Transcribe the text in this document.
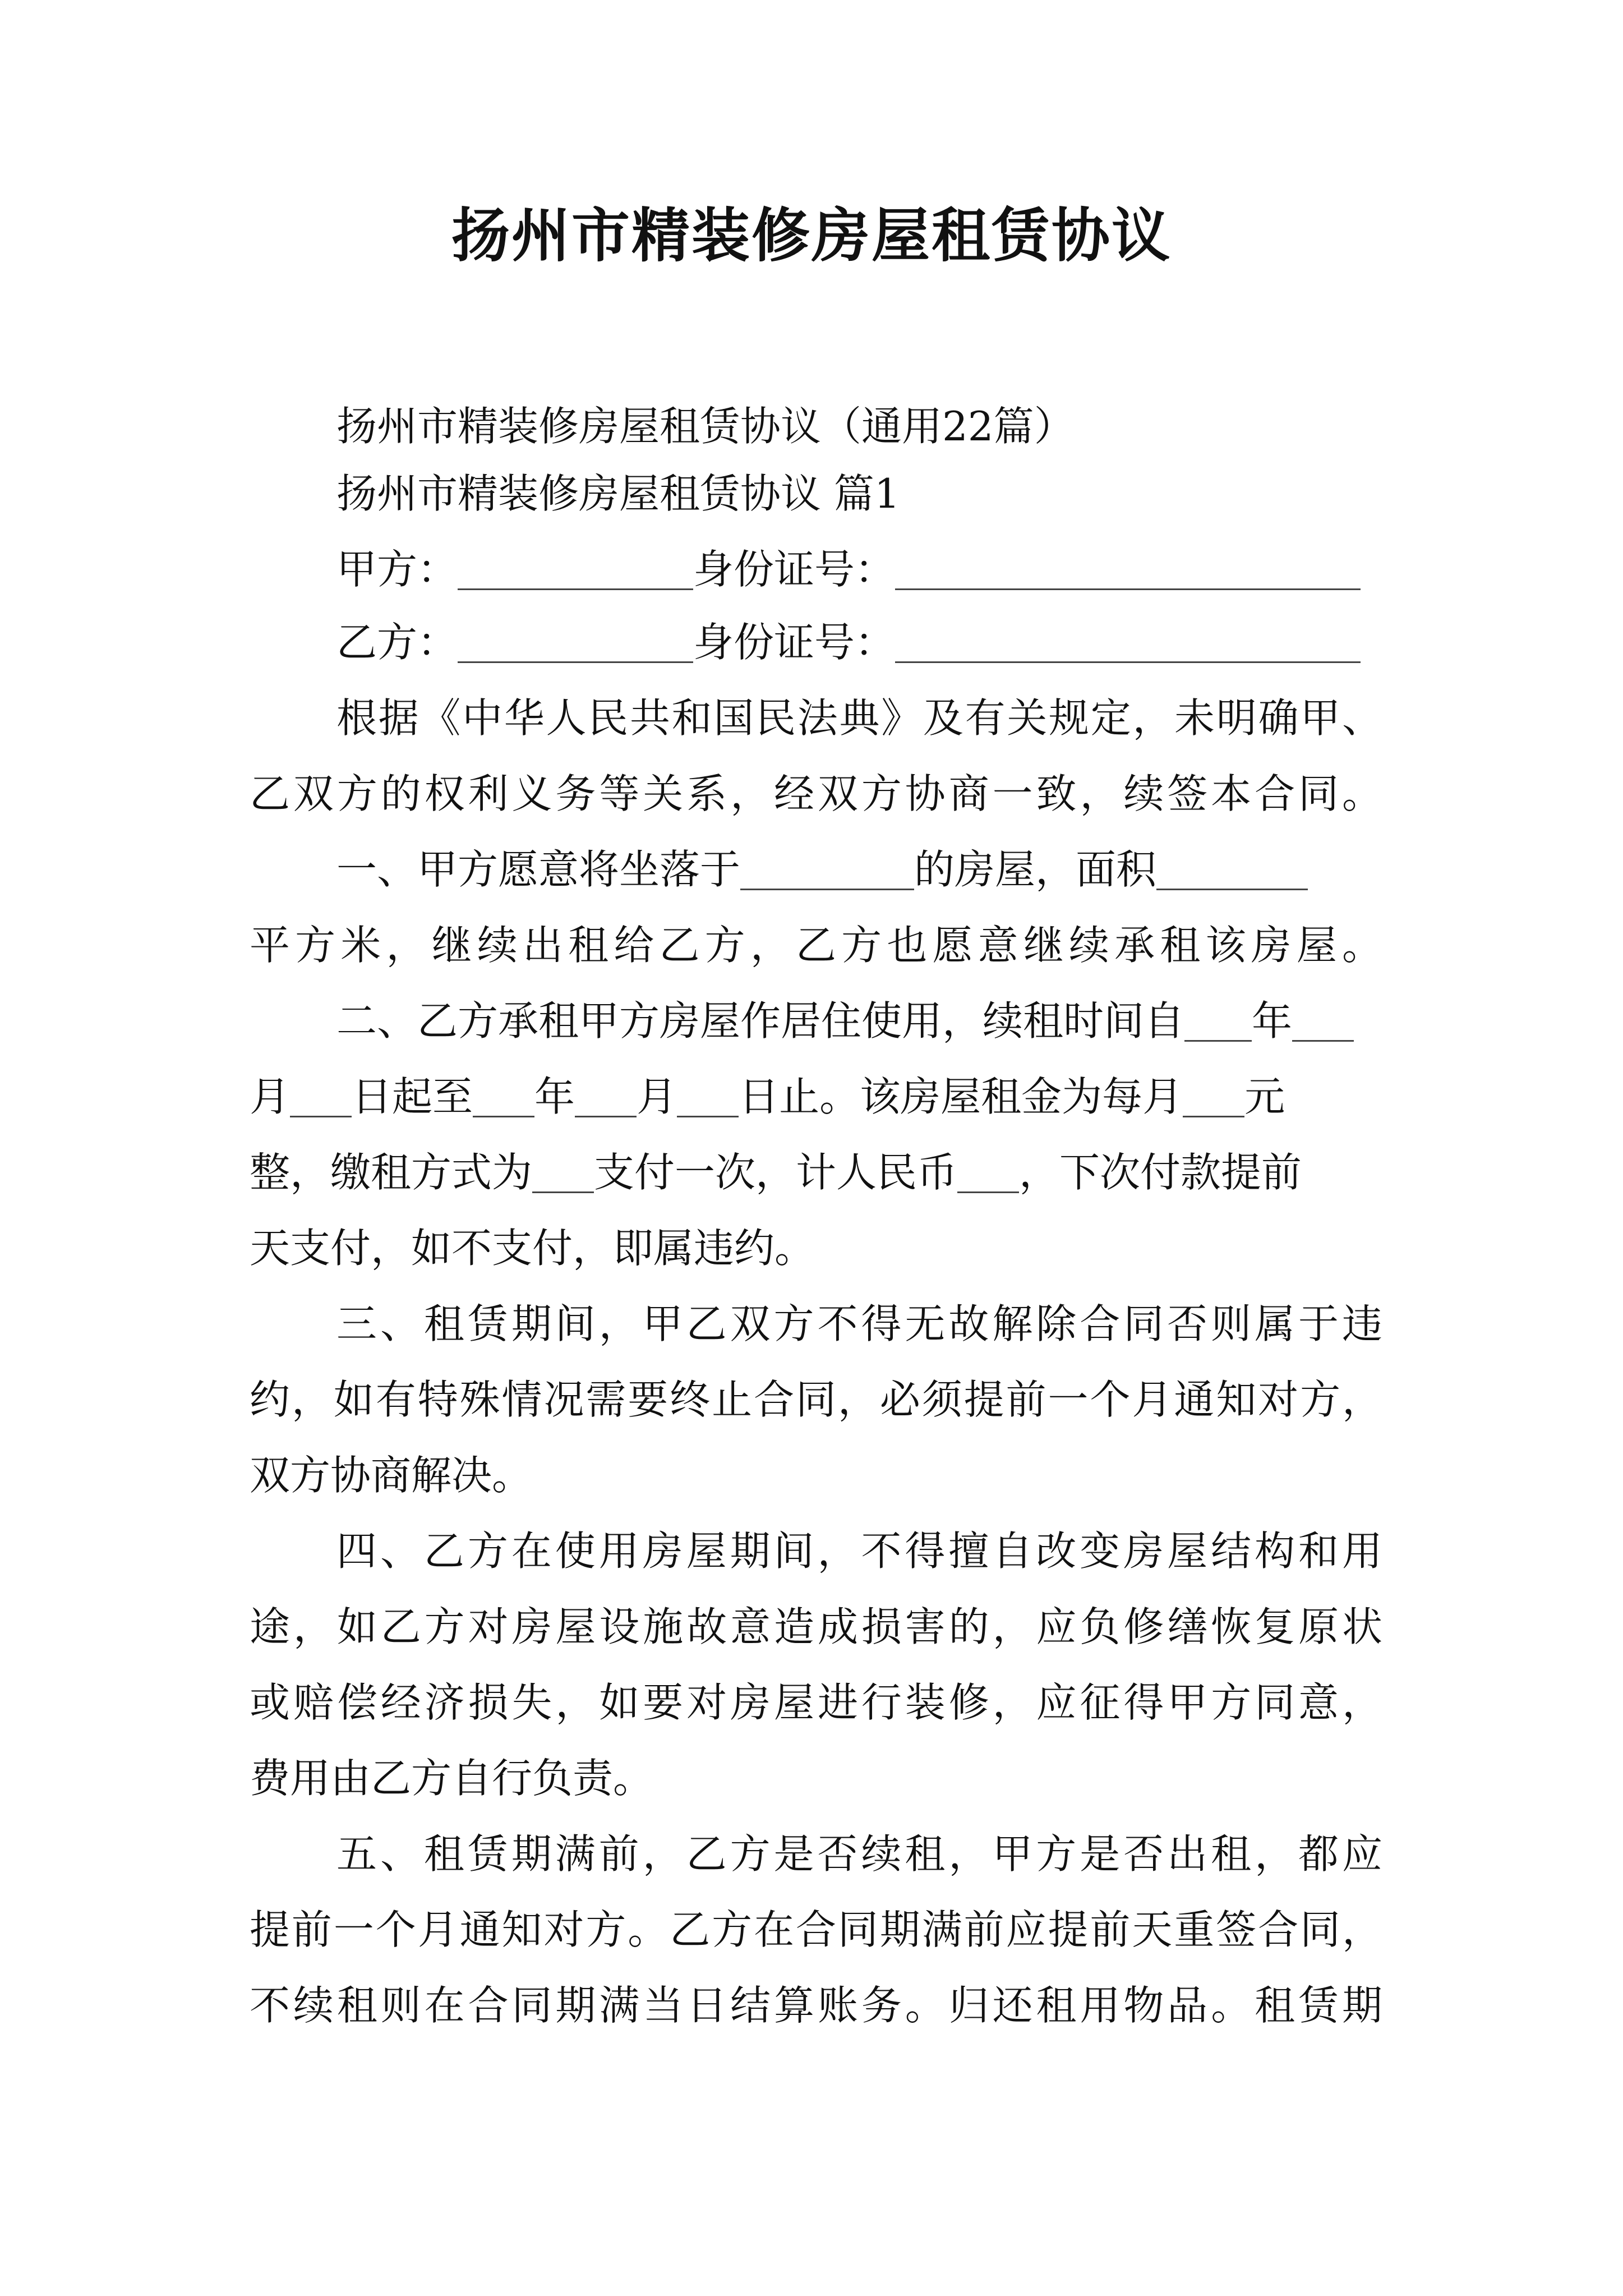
扬州市精装修房屋租赁协议
扬州市精装修房屋租赁协议（通用22篇）
扬州市精装修房屋租赁协议 篇1
甲方：	身份证号：
乙方：	身份证号：
根据《中华人民共和国民法典》及有关规定，未明确甲、
乙双方的权利义务等关系，经双方协商一致，续签本合同。
一、甲方愿意将坐落于	的房屋，面积
平方米，继续出租给乙方，乙方也愿意继续承租该房屋。
二、乙方承租甲方房屋作居住使用，续租时间自 年
月 日起至 年 月 日止。该房屋租金为每月 元
整，缴租方式为 支付一次，计人民币 ，下次付款提前
天支付，如不支付，即属违约。
三、租赁期间，甲乙双方不得无故解除合同否则属于违
约，如有特殊情况需要终止合同，必须提前一个月通知对方，
双方协商解决。
四、乙方在使用房屋期间，不得擅自改变房屋结构和用
途，如乙方对房屋设施故意造成损害的，应负修缮恢复原状
或赔偿经济损失，如要对房屋进行装修，应征得甲方同意，
费用由乙方自行负责。
五、租赁期满前，乙方是否续租，甲方是否出租，都应
提前一个月通知对方。乙方在合同期满前应提前天重签合同，
不续租则在合同期满当日结算账务。归还租用物品。租赁期
